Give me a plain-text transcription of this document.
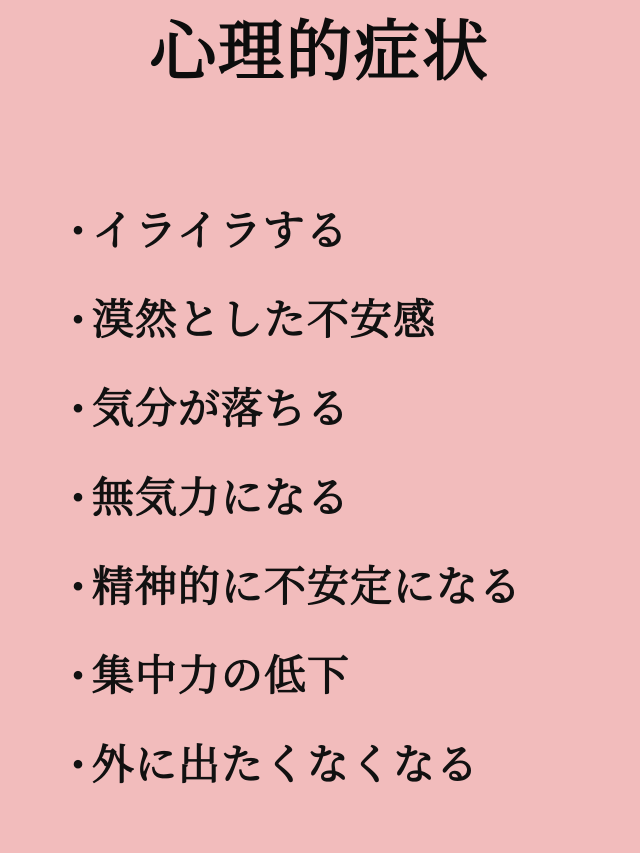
心理的症状
・
イライラする
・
漠然とした不安感
・
気分が落ちる
・
無気力になる
・
精神的に不安定になる
・
集中力の低下
・
外に出たくなくなる
